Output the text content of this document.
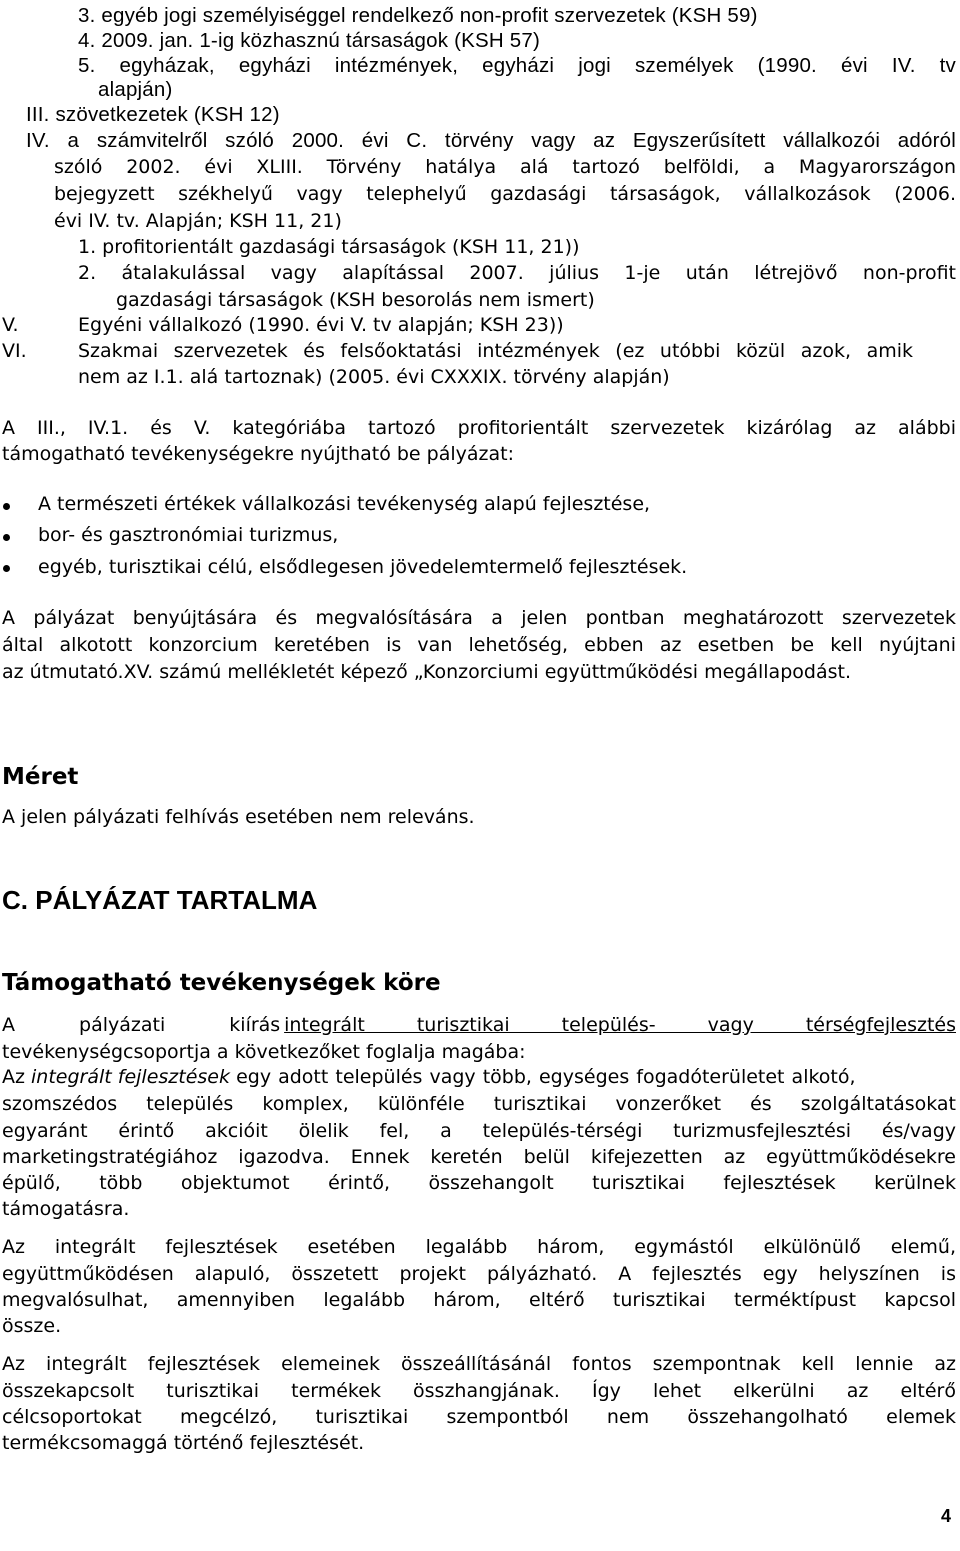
3. egyéb jogi személyiséggel rendelkező non-profit szervezetek (KSH 59)
4. 2009. jan. 1-ig közhasznú társaságok (KSH 57)
5. egyházak, egyházi intézmények, egyházi jogi személyek (1990. évi IV. tv
alapján)
III. szövetkezetek (KSH 12)
IV. a számvitelről szóló 2000. évi C. törvény vagy az Egyszerűsített vállalkozói adóról
szóló 2002. évi XLIII. Törvény hatálya alá tartozó belföldi, a Magyarországon
bejegyzett székhelyű vagy telephelyű gazdasági társaságok, vállalkozások (2006.
évi IV. tv. Alapján; KSH 11, 21)
1. profitorientált gazdasági társaságok (KSH 11, 21))
2. átalakulással vagy alapítással 2007. július 1-je után létrejövő non-profit
gazdasági társaságok (KSH besorolás nem ismert)
V.	Egyéni vállalkozó (1990. évi V. tv alapján; KSH 23))
VI.	Szakmai szervezetek és felsőoktatási intézmények (ez utóbbi közül azok, amik
nem az I.1. alá tartoznak) (2005. évi CXXXIX. törvény alapján)
A III., IV.1. és V. kategóriába tartozó profitorientált szervezetek kizárólag az alábbi
támogatható tevékenységekre nyújtható be pályázat:
A természeti értékek vállalkozási tevékenység alapú fejlesztése,
bor- és gasztronómiai turizmus,
egyéb, turisztikai célú, elsődlegesen jövedelemtermelő fejlesztések.
A pályázat benyújtására és megvalósítására a jelen pontban meghatározott szervezetek
által alkotott konzorcium keretében is van lehetőség, ebben az esetben be kell nyújtani
az útmutató.XV. számú mellékletét képező „Konzorciumi együttműködési megállapodást.
Méret
A jelen pályázati felhívás esetében nem releváns.
C. PÁLYÁZAT TARTALMA
Támogatható tevékenységek köre
A pályázati kiírás integrált turisztikai település- vagy térségfejlesztés
tevékenységcsoportja a következőket foglalja magába:
Az
integrált fejlesztések
egy adott település vagy több, egységes fogadóterületet alkotó,
szomszédos település komplex, különféle turisztikai vonzerőket és szolgáltatásokat
egyaránt érintő akcióit ölelik fel, a település-térségi turizmusfejlesztési és/vagy
marketingstratégiához igazodva. Ennek keretén belül kifejezetten az együttműködésekre
épülő, több objektumot érintő, összehangolt turisztikai fejlesztések kerülnek
támogatásra.
Az integrált fejlesztések esetében legalább három, egymástól elkülönülő elemű,
együttműködésen alapuló, összetett projekt pályázható. A fejlesztés egy helyszínen is
megvalósulhat, amennyiben legalább három, eltérő turisztikai terméktípust kapcsol
össze.
Az integrált fejlesztések elemeinek összeállításánál fontos szempontnak kell lennie az
összekapcsolt turisztikai termékek összhangjának. Így lehet elkerülni az eltérő
célcsoportokat megcélzó, turisztikai szempontból nem összehangolható elemek
termékcsomaggá történő fejlesztését.
4
